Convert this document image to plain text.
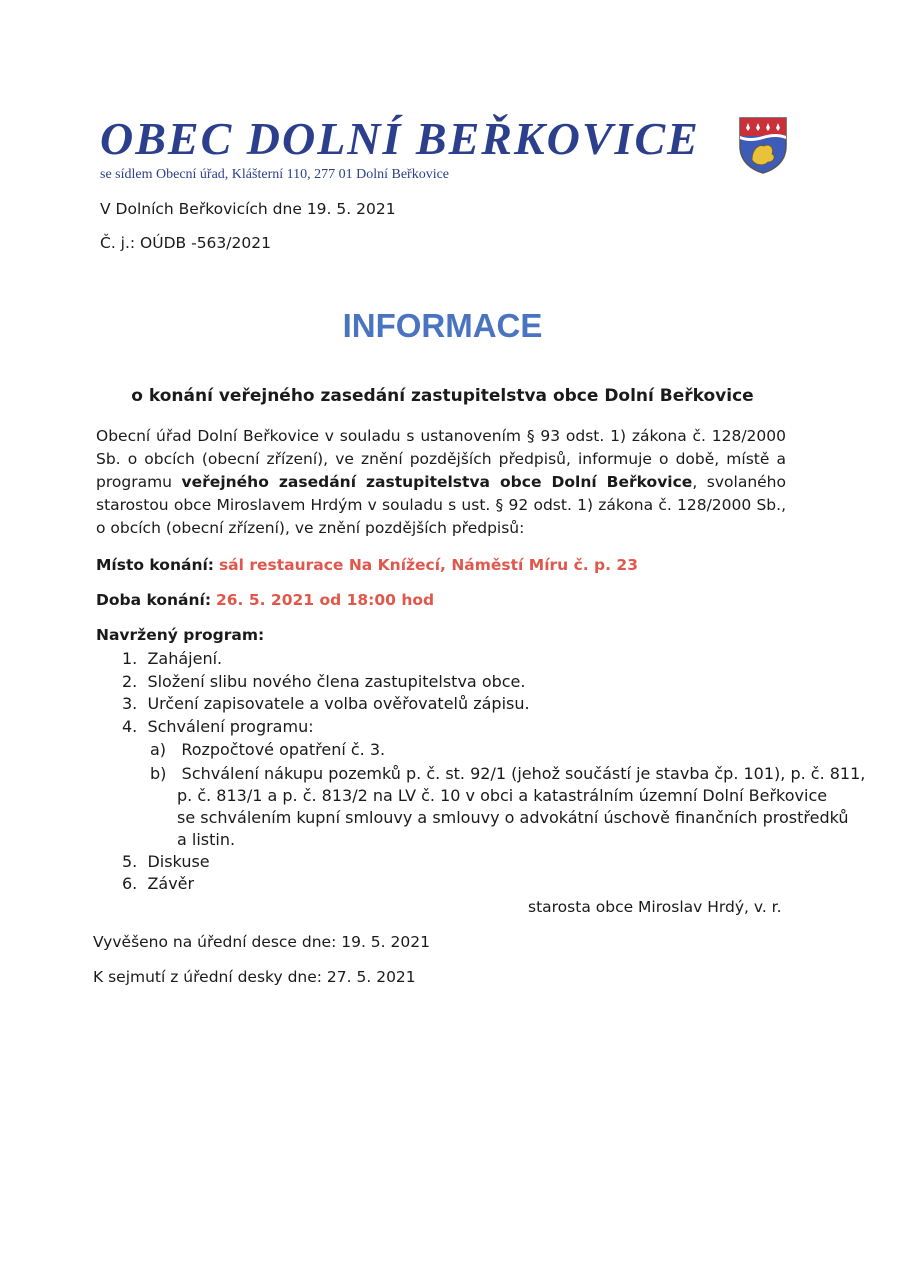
OBEC DOLNÍ BEŘKOVICE
se sídlem Obecní úřad, Klášterní 110, 277 01 Dolní Beřkovice
V Dolních Beřkovicích dne 19. 5. 2021
Č. j.: OÚDB -563/2021
INFORMACE
o konání veřejného zasedání zastupitelstva obce Dolní Beřkovice
Obecní úřad Dolní Beřkovice v souladu s ustanovením § 93 odst. 1) zákona č. 128/2000 Sb. o obcích (obecní zřízení), ve znění pozdějších předpisů, informuje o době, místě a programu veřejného zasedání zastupitelstva obce Dolní Beřkovice, svolaného starostou obce Miroslavem Hrdým v souladu s ust. § 92 odst. 1) zákona č. 128/2000 Sb., o obcích (obecní zřízení), ve znění pozdějších předpisů:
Místo konání: sál restaurace Na Knížecí, Náměstí Míru č. p. 23
Doba konání: 26. 5. 2021 od 18:00 hod
Navržený program:
1. Zahájení.
2. Složení slibu nového člena zastupitelstva obce.
3. Určení zapisovatele a volba ověřovatelů zápisu.
4. Schválení programu:
a) Rozpočtové opatření č. 3.
b) Schválení nákupu pozemků p. č. st. 92/1 (jehož součástí je stavba čp. 101), p. č. 811,
p. č. 813/1 a p. č. 813/2 na LV č. 10 v obci a katastrálním územní Dolní Beřkovice
se schválením kupní smlouvy a smlouvy o advokátní úschově finančních prostředků
a listin.
5. Diskuse
6. Závěr
starosta obce Miroslav Hrdý, v. r.
Vyvěšeno na úřední desce dne: 19. 5. 2021
K sejmutí z úřední desky dne: 27. 5. 2021
